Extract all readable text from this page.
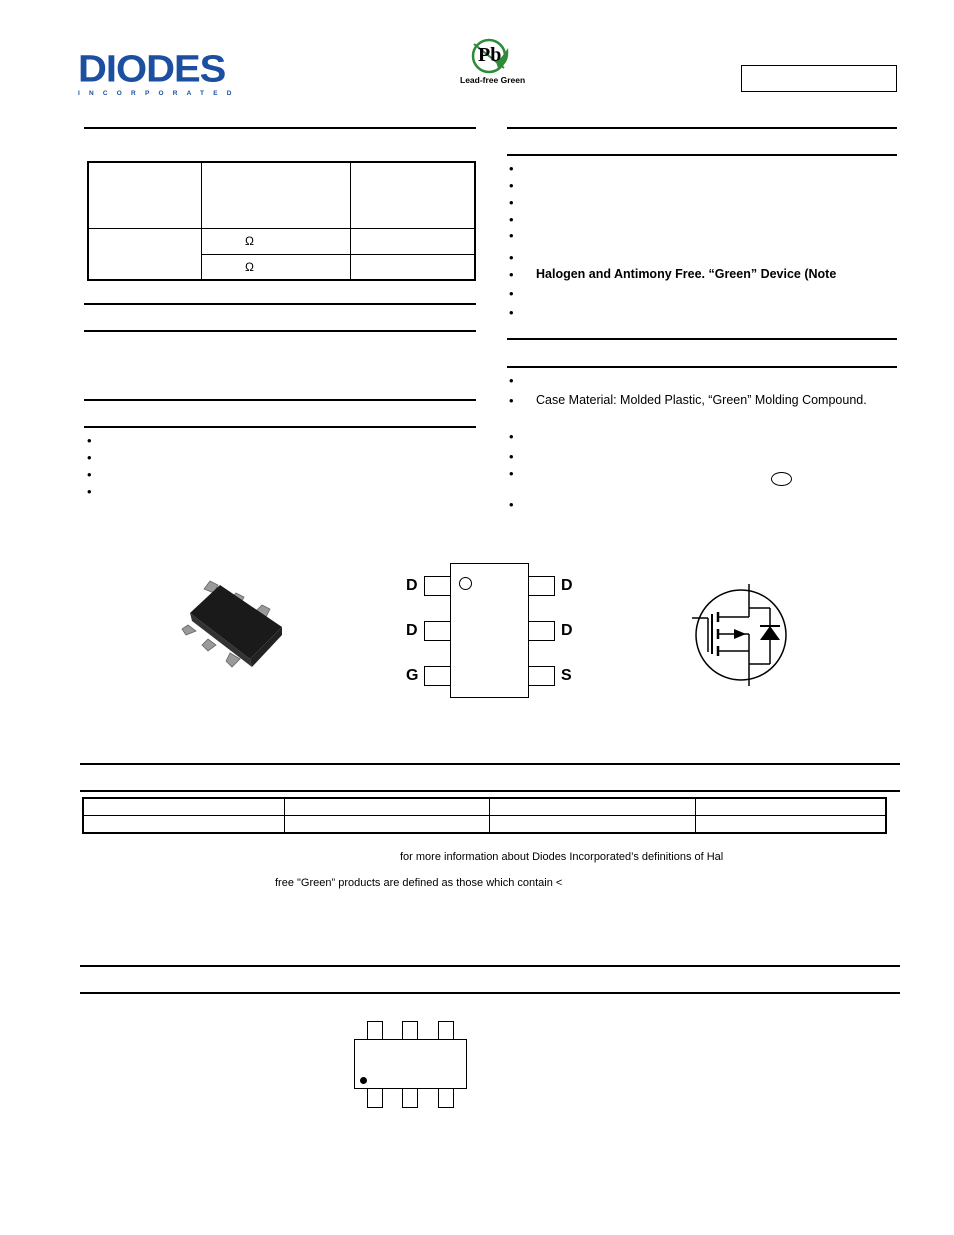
DIODES
INCORPORATED
Pb
Lead-free Green

	Ω	
	Ω	
•
•
•
•
•
•
•
•
•
•
• Halogen and Antimony Free. “Green” Device (Note
•
•
•
• Case Material: Molded Plastic, “Green” Molding Compound.
•
•
•
•
D
D
G
D
D
S

for more information about Diodes Incorporated’s definitions of Hal
free "Green” products are defined as those which contain <
